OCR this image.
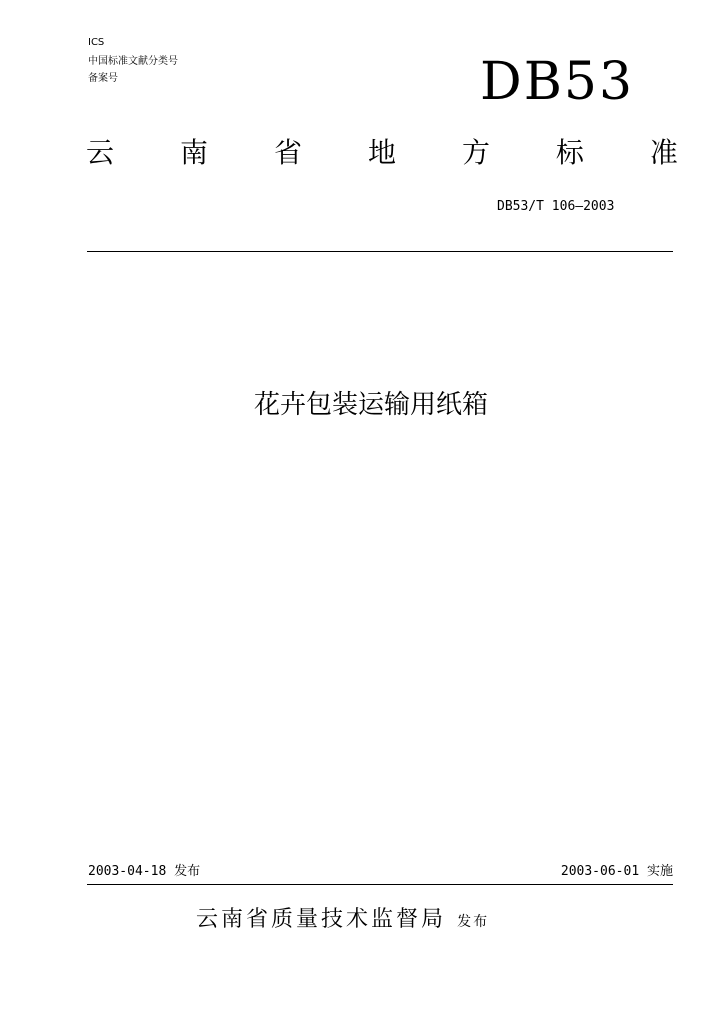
ICS
中国标准文献分类号
备案号	DB53
云 南 省 地 方 标 准
DB53/T 106—2003
花卉包装运输用纸箱
2003-04-18 发布	2003-06-01 实施
云南省质量技术监督局 发布
